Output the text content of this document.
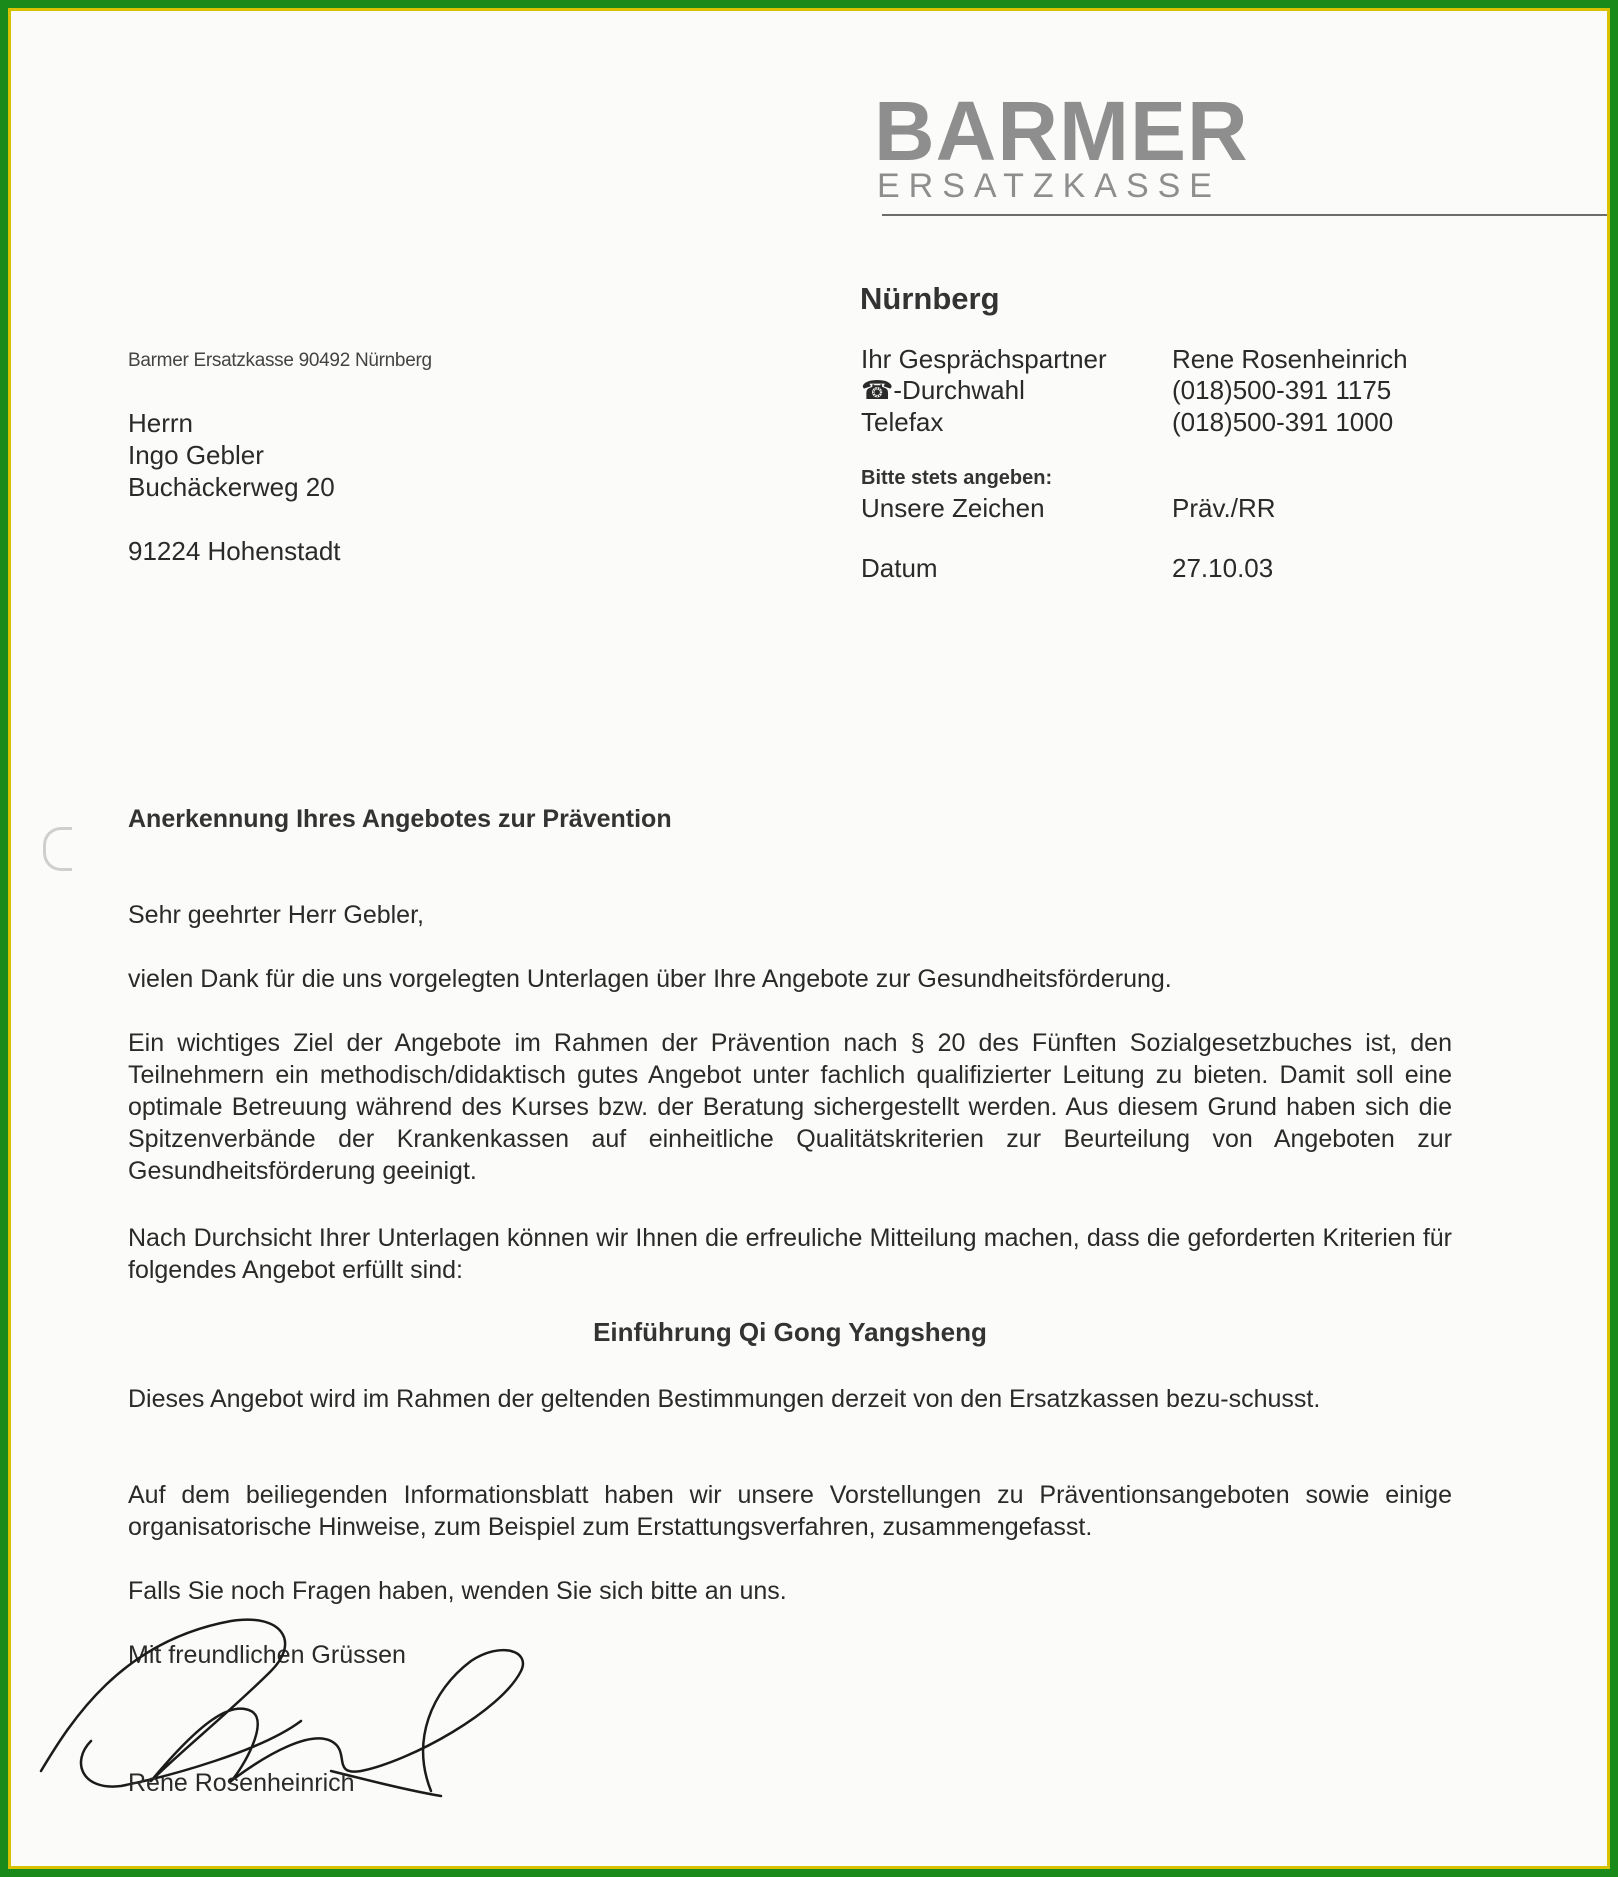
BARMER
ERSATZKASSE
Nürnberg
Ihr Gesprächspartner	Rene Rosenheinrich
☎-Durchwahl	(018)500-391 1175
Telefax	(018)500-391 1000
Bitte stets angeben:
Unsere Zeichen	Präv./RR
Datum	27.10.03
Barmer Ersatzkasse 90492 Nürnberg
Herrn
Ingo Gebler
Buchäckerweg 20
91224 Hohenstadt
Anerkennung Ihres Angebotes zur Prävention
Sehr geehrter Herr Gebler,
vielen Dank für die uns vorgelegten Unterlagen über Ihre Angebote zur Gesundheitsförderung.
Ein wichtiges Ziel der Angebote im Rahmen der Prävention nach § 20 des Fünften Sozialgesetzbuches ist, den Teilnehmern ein methodisch/didaktisch gutes Angebot unter fachlich qualifizierter Leitung zu bieten. Damit soll eine optimale Betreuung während des Kurses bzw. der Beratung sichergestellt werden. Aus diesem Grund haben sich die Spitzenverbände der Krankenkassen auf einheitliche Qualitätskriterien zur Beurteilung von Angeboten zur Gesundheitsförderung geeinigt.
Nach Durchsicht Ihrer Unterlagen können wir Ihnen die erfreuliche Mitteilung machen, dass die geforderten Kriterien für folgendes Angebot erfüllt sind:
Einführung Qi Gong Yangsheng
Dieses Angebot wird im Rahmen der geltenden Bestimmungen derzeit von den Ersatzkassen bezu-schusst.
Auf dem beiliegenden Informationsblatt haben wir unsere Vorstellungen zu Präventionsangeboten sowie einige organisatorische Hinweise, zum Beispiel zum Erstattungsverfahren, zusammengefasst.
Falls Sie noch Fragen haben, wenden Sie sich bitte an uns.
Mit freundlichen Grüssen
Rene Rosenheinrich
